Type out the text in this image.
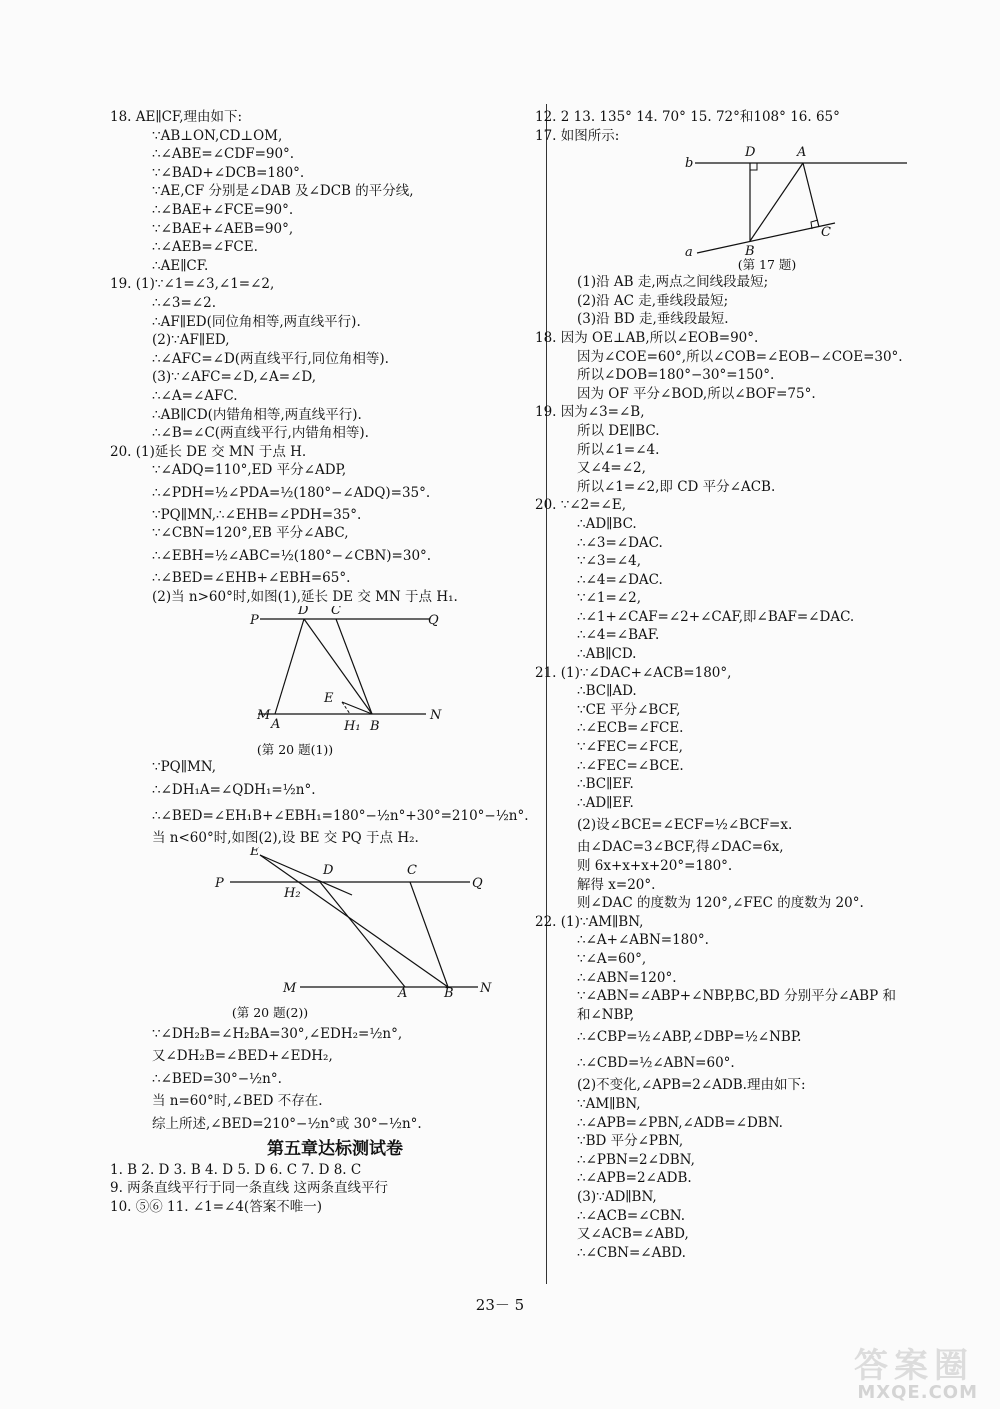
18. AE∥CF,理由如下:
∵AB⊥ON,CD⊥OM,
∴∠ABE=∠CDF=90°.
∵∠BAD+∠DCB=180°.
∵AE,CF 分别是∠DAB 及∠DCB 的平分线,
∴∠BAE+∠FCE=90°.
∵∠BAE+∠AEB=90°,
∴∠AEB=∠FCE.
∴AE∥CF.
19. (1)∵∠1=∠3,∠1=∠2,
∴∠3=∠2.
∴AF∥ED(同位角相等,两直线平行).
(2)∵AF∥ED,
∴∠AFC=∠D(两直线平行,同位角相等).
(3)∵∠AFC=∠D,∠A=∠D,
∴∠A=∠AFC.
∴AB∥CD(内错角相等,两直线平行).
∴∠B=∠C(两直线平行,内错角相等).
20. (1)延长 DE 交 MN 于点 H.
∵∠ADQ=110°,ED 平分∠ADP,
∴∠PDH=½∠PDA=½(180°−∠ADQ)=35°.
∵PQ∥MN,∴∠EHB=∠PDH=35°.
∵∠CBN=120°,EB 平分∠ABC,
∴∠EBH=½∠ABC=½(180°−∠CBN)=30°.
∴∠BED=∠EHB+∠EBH=65°.
(2)当 n>60°时,如图(1),延长 DE 交 MN 于点 H₁.
P
D C
Q
E
M
A	H₁ B
N
(第 20 题(1))
∵PQ∥MN,
∴∠DH₁A=∠QDH₁=½n°.
∴∠BED=∠EH₁B+∠EBH₁=180°−½n°+30°=210°−½n°.
当 n<60°时,如图(2),设 BE 交 PQ 于点 H₂.
E
D	C
P
H₂
Q
M	A	B N
(第 20 题(2))
∵∠DH₂B=∠H₂BA=30°,∠EDH₂=½n°,
又∠DH₂B=∠BED+∠EDH₂,
∴∠BED=30°−½n°.
当 n=60°时,∠BED 不存在.
综上所述,∠BED=210°−½n°或 30°−½n°.
第五章达标测试卷
1. B 2. D 3. B 4. D 5. D 6. C 7. D 8. C
9. 两条直线平行于同一条直线 这两条直线平行
10. ⑤⑥ 11. ∠1=∠4(答案不唯一)
12. 2 13. 135° 14. 70° 15. 72°和108° 16. 65°
17. 如图所示:
b
D	A
C
B
a
(第 17 题)
(1)沿 AB 走,两点之间线段最短;
(2)沿 AC 走,垂线段最短;
(3)沿 BD 走,垂线段最短.
18. 因为 OE⊥AB,所以∠EOB=90°.
因为∠COE=60°,所以∠COB=∠EOB−∠COE=30°.
所以∠DOB=180°−30°=150°.
因为 OF 平分∠BOD,所以∠BOF=75°.
19. 因为∠3=∠B,
所以 DE∥BC.
所以∠1=∠4.
又∠4=∠2,
所以∠1=∠2,即 CD 平分∠ACB.
20. ∵∠2=∠E,
∴AD∥BC.
∴∠3=∠DAC.
∵∠3=∠4,
∴∠4=∠DAC.
∵∠1=∠2,
∴∠1+∠CAF=∠2+∠CAF,即∠BAF=∠DAC.
∴∠4=∠BAF.
∴AB∥CD.
21. (1)∵∠DAC+∠ACB=180°,
∴BC∥AD.
∵CE 平分∠BCF,
∴∠ECB=∠FCE.
∵∠FEC=∠FCE,
∴∠FEC=∠BCE.
∴BC∥EF.
∴AD∥EF.
(2)设∠BCE=∠ECF=½∠BCF=x.
由∠DAC=3∠BCF,得∠DAC=6x,
则 6x+x+x+20°=180°.
解得 x=20°.
则∠DAC 的度数为 120°,∠FEC 的度数为 20°.
22. (1)∵AM∥BN,
∴∠A+∠ABN=180°.
∵∠A=60°,
∴∠ABN=120°.
∵∠ABN=∠ABP+∠NBP,BC,BD 分别平分∠ABP 和
和∠NBP,
∴∠CBP=½∠ABP,∠DBP=½∠NBP.
∴∠CBD=½∠ABN=60°.
(2)不变化,∠APB=2∠ADB.理由如下:
∵AM∥BN,
∴∠APB=∠PBN,∠ADB=∠DBN.
∵BD 平分∠PBN,
∴∠PBN=2∠DBN,
∴∠APB=2∠ADB.
(3)∵AD∥BN,
∴∠ACB=∠CBN.
又∠ACB=∠ABD,
∴∠CBN=∠ABD.
23－ 5
答案圈
MXQE.COM
